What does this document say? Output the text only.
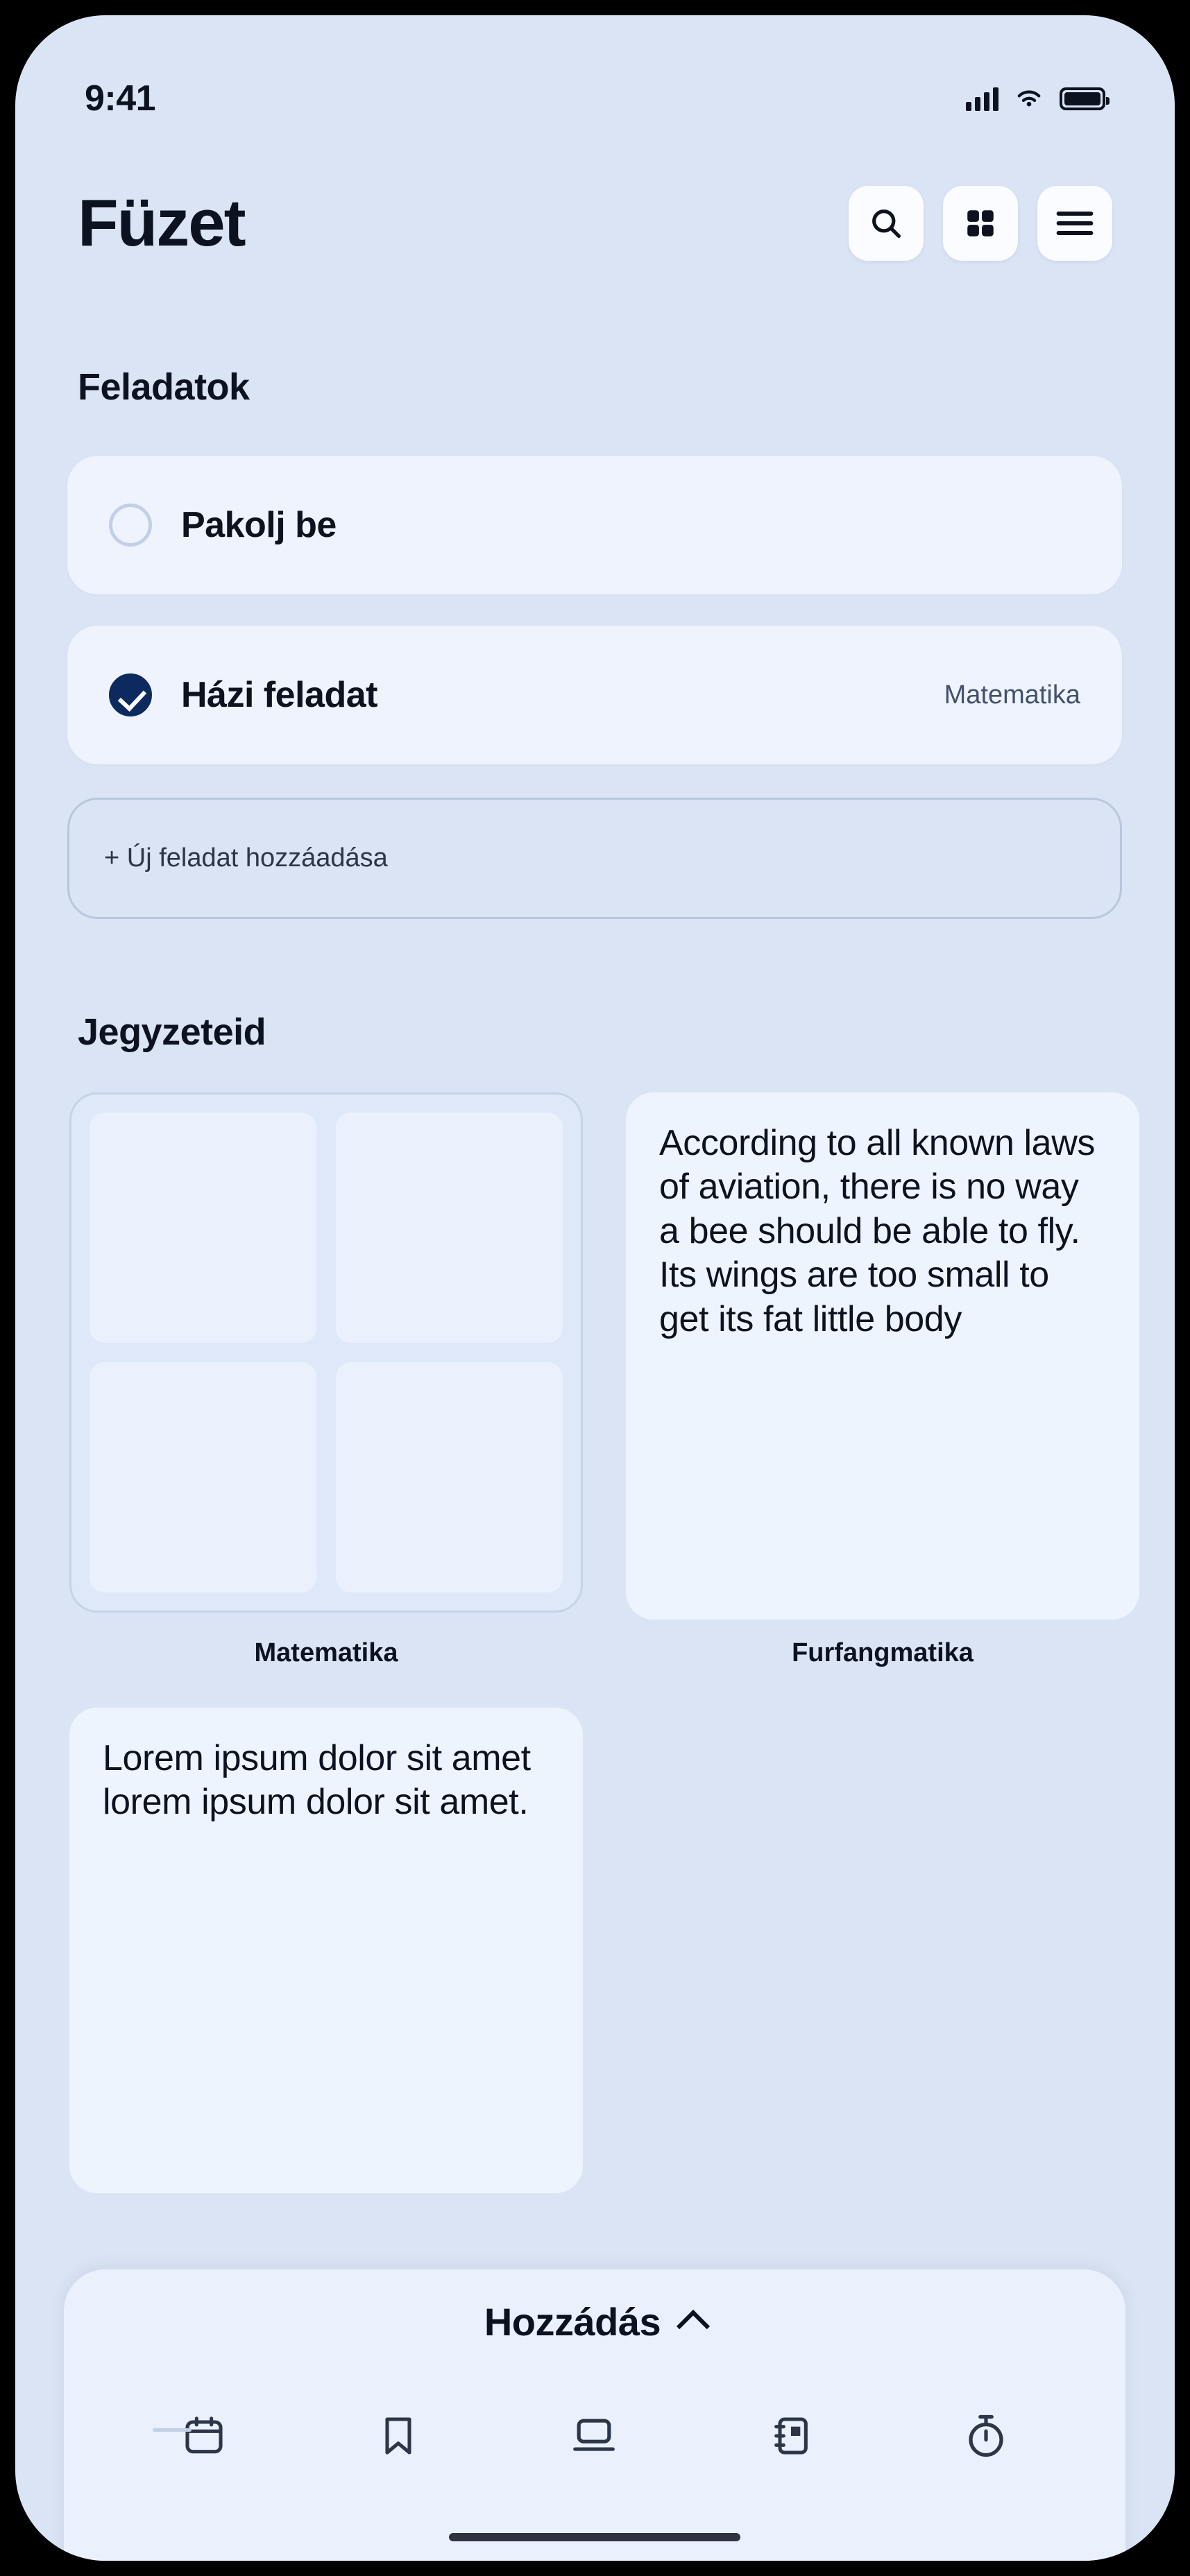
9:41
Füzet
Feladatok
Pakolj be
Házi feladat	Matematika
+ Új feladat hozzáadása
Jegyzeteid
According to all known laws of aviation, there is no way a bee should be able to fly. Its wings are too small to get its fat little body
Matematika	Furfangmatika
Lorem ipsum dolor sit amet lorem ipsum dolor sit amet.
Hozzádás
